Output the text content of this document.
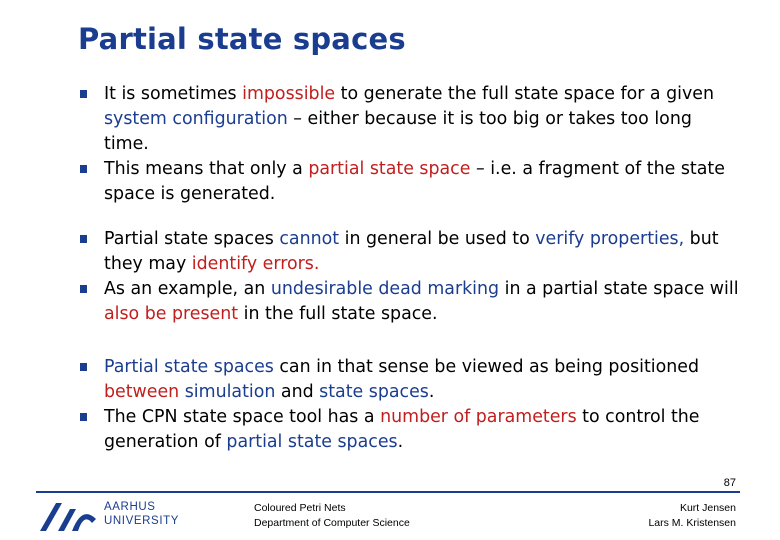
Partial state spaces
It is sometimes impossible to generate the full state space for a given system configuration – either because it is too big or takes too long time.
This means that only a partial state space – i.e. a fragment of the state space is generated.
Partial state spaces cannot in general be used to verify properties, but they may identify errors.
As an example, an undesirable dead marking in a partial state space will also be present in the full state space.
Partial state spaces can in that sense be viewed as being positioned between simulation and state spaces.
The CPN state space tool has a number of parameters to control the generation of partial state spaces.
87
AARHUS
UNIVERSITY
Coloured Petri Nets
Department of Computer Science
Kurt Jensen
Lars M. Kristensen
